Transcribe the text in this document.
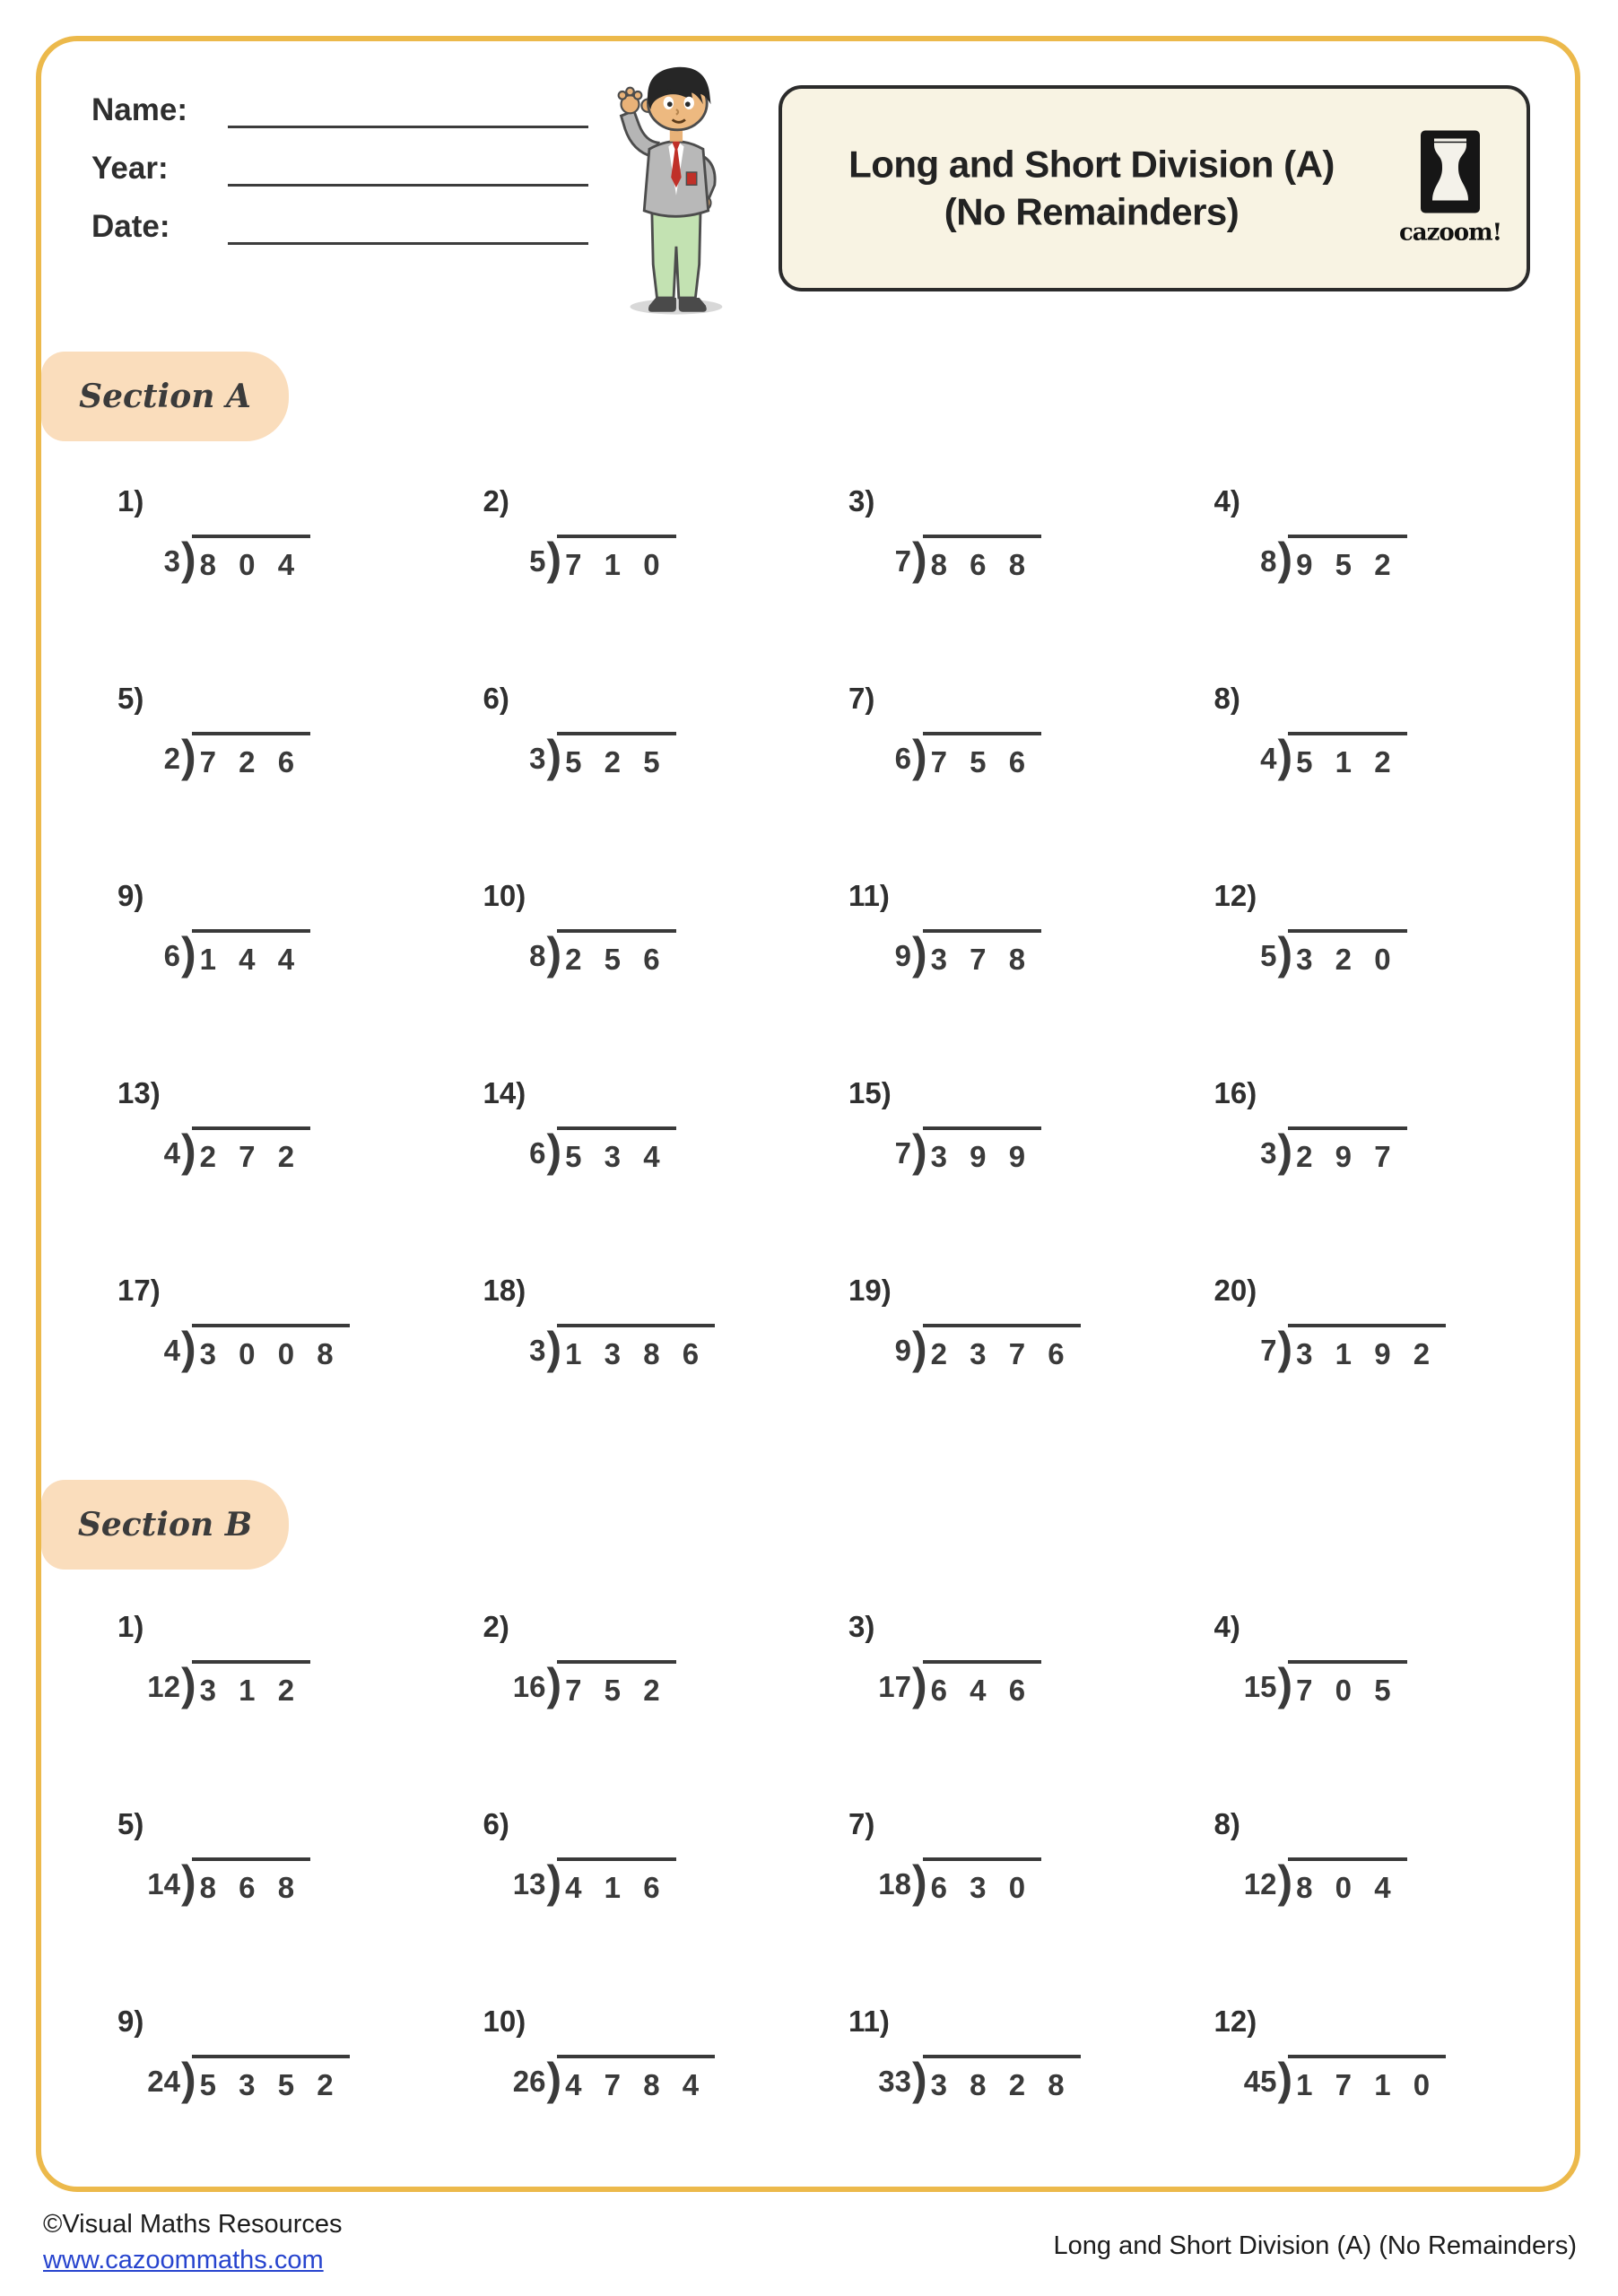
Name:
Year:
Date:
Long and Short Division (A)
(No Remainders)
cazoom!
Section A
1)
3 ) 8 0 4
2)
5 ) 7 1 0
3)
7 ) 8 6 8
4)
8 ) 9 5 2
5)
2 ) 7 2 6
6)
3 ) 5 2 5
7)
6 ) 7 5 6
8)
4 ) 5 1 2
9)
6 ) 1 4 4
10)
8 ) 2 5 6
11)
9 ) 3 7 8
12)
5 ) 3 2 0
13)
4 ) 2 7 2
14)
6 ) 5 3 4
15)
7 ) 3 9 9
16)
3 ) 2 9 7
17)
4 ) 3 0 0 8
18)
3 ) 1 3 8 6
19)
9 ) 2 3 7 6
20)
7 ) 3 1 9 2
Section B
1)
12 ) 3 1 2
2)
16 ) 7 5 2
3)
17 ) 6 4 6
4)
15 ) 7 0 5
5)
14 ) 8 6 8
6)
13 ) 4 1 6
7)
18 ) 6 3 0
8)
12 ) 8 0 4
9)
24 ) 5 3 5 2
10)
26 ) 4 7 8 4
11)
33 ) 3 8 2 8
12)
45 ) 1 7 1 0
©Visual Maths Resources
www.cazoommaths.com
Long and Short Division (A) (No Remainders)
